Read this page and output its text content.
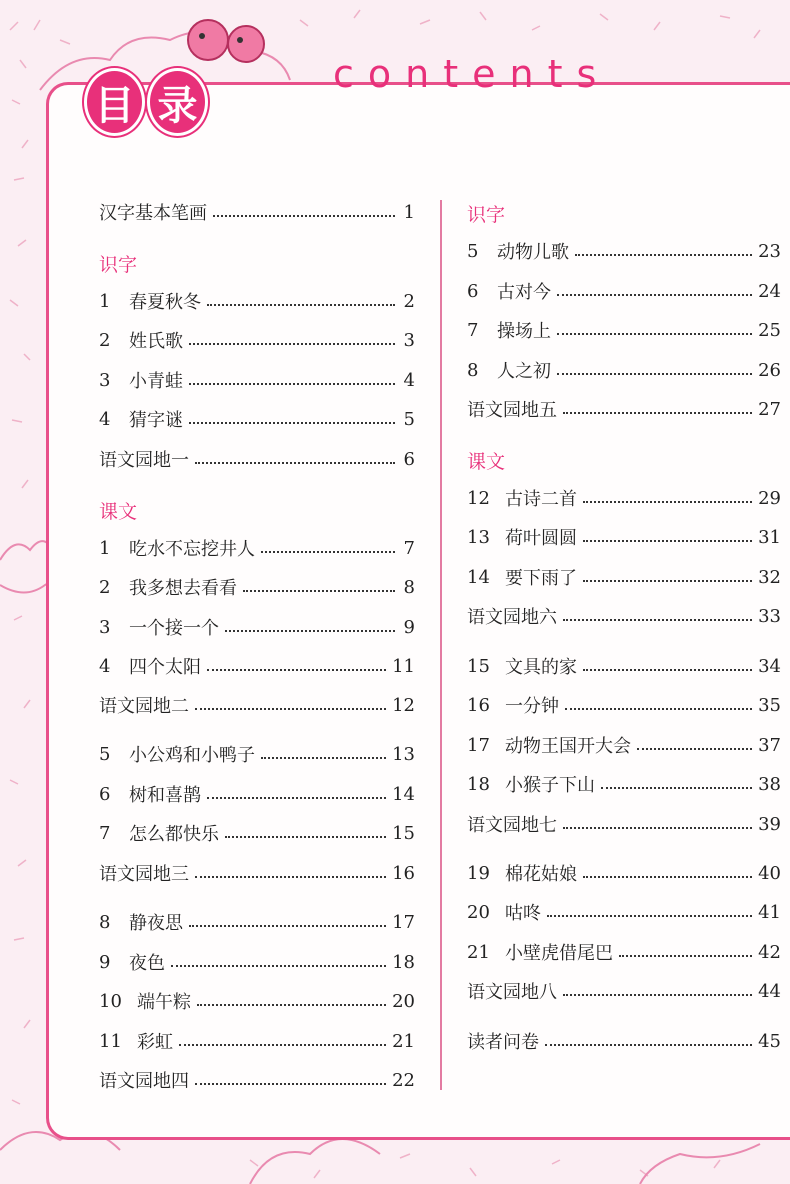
目 录
contents
汉字基本笔画	1
识字
1	春夏秋冬	2
2	姓氏歌	3
3	小青蛙	4
4	猜字谜	5
语文园地一	6
课文
1	吃水不忘挖井人	7
2	我多想去看看	8
3	一个接一个	9
4	四个太阳	11
语文园地二	12
5	小公鸡和小鸭子	13
6	树和喜鹊	14
7	怎么都快乐	15
语文园地三	16
8	静夜思	17
9	夜色	18
10 端午粽	20
11 彩虹	21
语文园地四	22
识字
5	动物儿歌	23
6	古对今	24
7	操场上	25
8	人之初	26
语文园地五	27
课文
12 古诗二首	29
13 荷叶圆圆	31
14 要下雨了	32
语文园地六	33
15 文具的家	34
16 一分钟	35
17 动物王国开大会	37
18 小猴子下山	38
语文园地七	39
19 棉花姑娘	40
20 咕咚	41
21 小壁虎借尾巴	42
语文园地八	44
读者问卷	45
